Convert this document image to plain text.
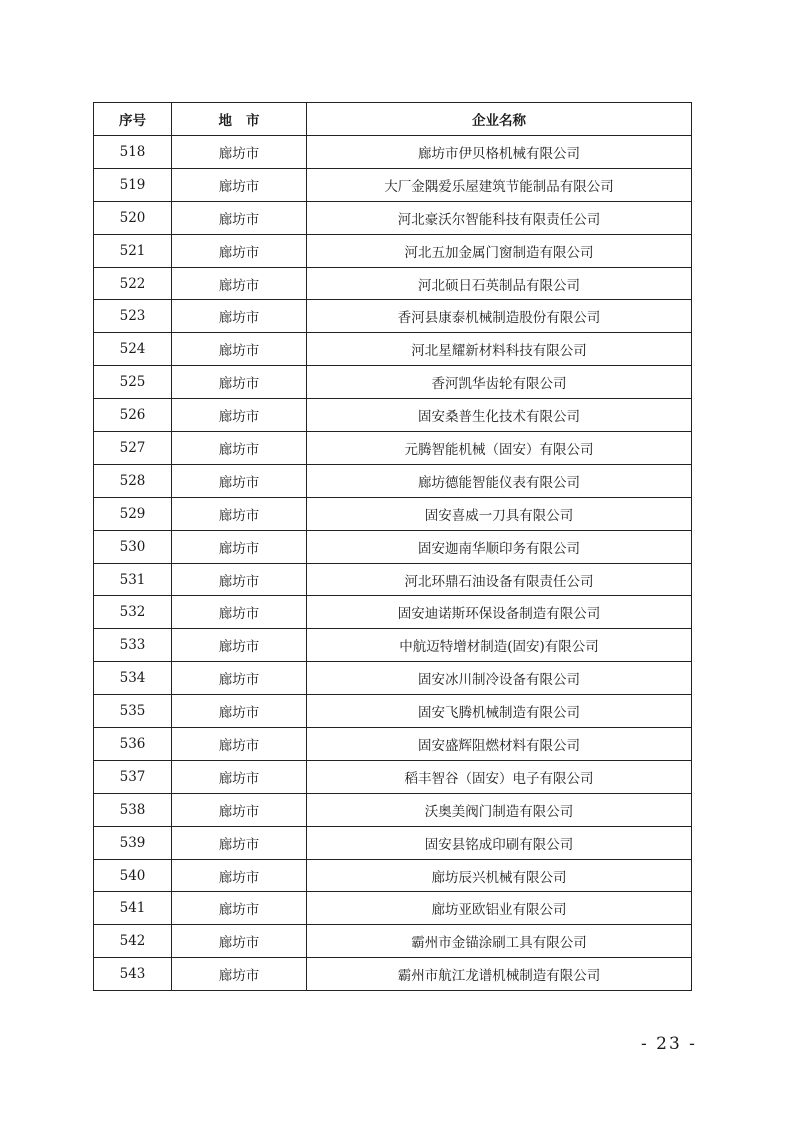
序号	地市	企业名称
518	廊坊市	廊坊市伊贝格机械有限公司
519	廊坊市	大厂金隅爱乐屋建筑节能制品有限公司
520	廊坊市	河北豪沃尔智能科技有限责任公司
521	廊坊市	河北五加金属门窗制造有限公司
522	廊坊市	河北硕日石英制品有限公司
523	廊坊市	香河县康泰机械制造股份有限公司
524	廊坊市	河北星耀新材料科技有限公司
525	廊坊市	香河凯华齿轮有限公司
526	廊坊市	固安桑普生化技术有限公司
527	廊坊市	元腾智能机械（固安）有限公司
528	廊坊市	廊坊德能智能仪表有限公司
529	廊坊市	固安喜威一刀具有限公司
530	廊坊市	固安迦南华顺印务有限公司
531	廊坊市	河北环鼎石油设备有限责任公司
532	廊坊市	固安迪诺斯环保设备制造有限公司
533	廊坊市	中航迈特增材制造(固安)有限公司
534	廊坊市	固安冰川制冷设备有限公司
535	廊坊市	固安飞腾机械制造有限公司
536	廊坊市	固安盛辉阻燃材料有限公司
537	廊坊市	稻丰智谷（固安）电子有限公司
538	廊坊市	沃奥美阀门制造有限公司
539	廊坊市	固安县铭成印刷有限公司
540	廊坊市	廊坊辰兴机械有限公司
541	廊坊市	廊坊亚欧铝业有限公司
542	廊坊市	霸州市金锚涂刷工具有限公司
543	廊坊市	霸州市航江龙谱机械制造有限公司
- 23 -
